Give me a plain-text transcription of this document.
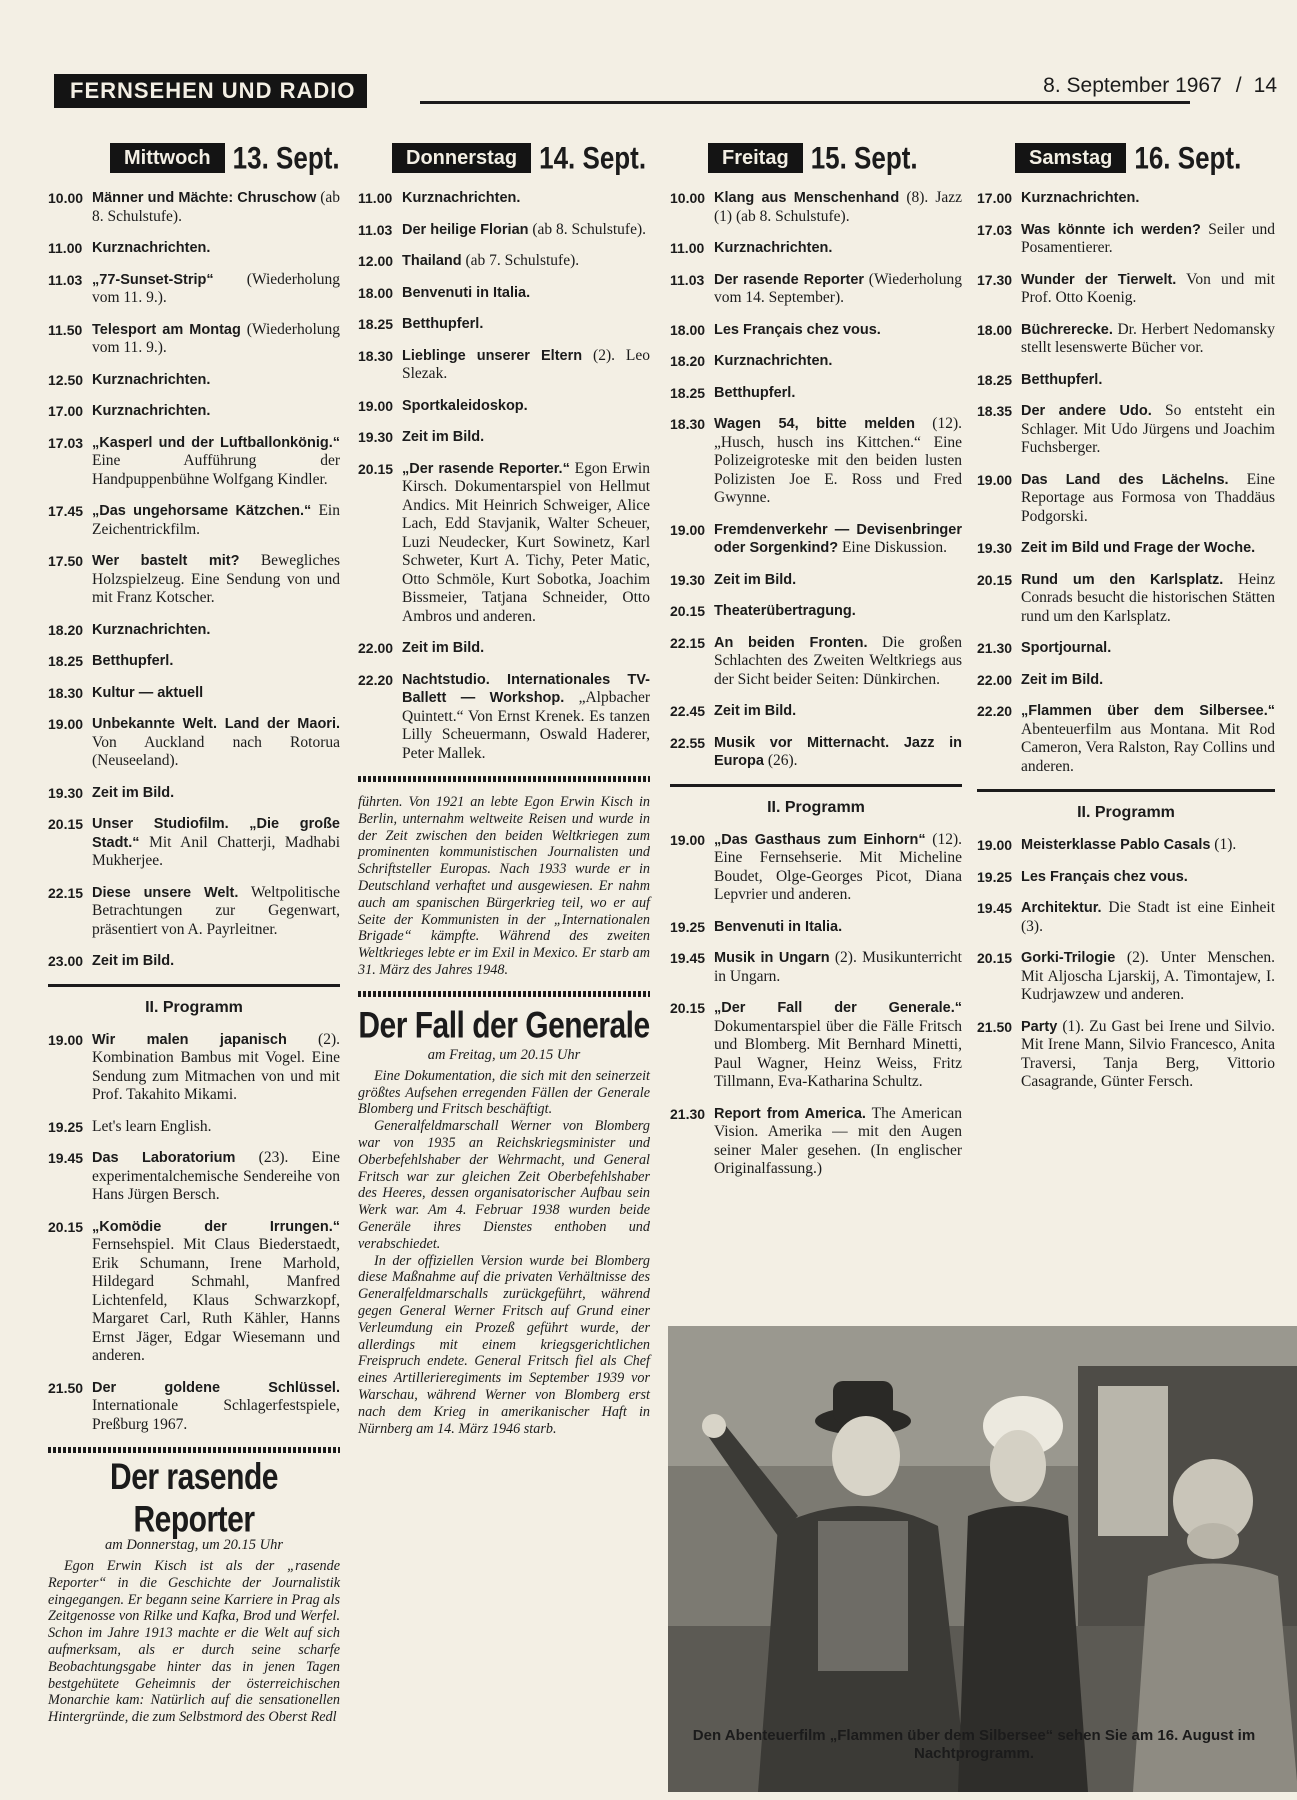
FERNSEHEN UND RADIO	8. September 1967 / 14
Mittwoch 13. Sept.
10.00 Männer und Mächte: Chruschow (ab 8. Schulstufe).
11.00 Kurznachrichten.
11.03 „77-Sunset-Strip“ (Wiederholung vom 11. 9.).
11.50 Telesport am Montag (Wiederholung vom 11. 9.).
12.50 Kurznachrichten.
17.00 Kurznachrichten.
17.03 „Kasperl und der Luftballonkönig.“ Eine Aufführung der Handpuppenbühne Wolfgang Kindler.
17.45 „Das ungehorsame Kätzchen.“ Ein Zeichentrickfilm.
17.50 Wer bastelt mit? Bewegliches Holzspielzeug. Eine Sendung von und mit Franz Kotscher.
18.20 Kurznachrichten.
18.25 Betthupferl.
18.30 Kultur — aktuell
19.00 Unbekannte Welt. Land der Maori. Von Auckland nach Rotorua (Neuseeland).
19.30 Zeit im Bild.
20.15 Unser Studiofilm. „Die große Stadt.“ Mit Anil Chatterji, Madhabi Mukherjee.
22.15 Diese unsere Welt. Weltpolitische Betrachtungen zur Gegenwart, präsentiert von A. Payrleitner.
23.00 Zeit im Bild.
II. Programm
19.00 Wir malen japanisch (2). Kombination Bambus mit Vogel. Eine Sendung zum Mitmachen von und mit Prof. Takahito Mikami.
19.25 Let's learn English.
19.45 Das Laboratorium (23). Eine experimentalchemische Sendereihe von Hans Jürgen Bersch.
20.15 „Komödie der Irrungen.“ Fernsehspiel. Mit Claus Biederstaedt, Erik Schumann, Irene Marhold, Hildegard Schmahl, Manfred Lichtenfeld, Klaus Schwarzkopf, Margaret Carl, Ruth Kähler, Hanns Ernst Jäger, Edgar Wiesemann und anderen.
21.50 Der goldene Schlüssel. Internationale Schlagerfestspiele, Preßburg 1967.
Der rasende Reporter
am Donnerstag, um 20.15 Uhr

Egon Erwin Kisch ist als der „rasende Reporter“ in die Geschichte der Journalistik eingegangen. Er begann seine Karriere in Prag als Zeitgenosse von Rilke und Kafka, Brod und Werfel. Schon im Jahre 1913 machte er die Welt auf sich aufmerksam, als er durch seine scharfe Beobachtungsgabe hinter das in jenen Tagen bestgehütete Geheimnis der österreichischen Monarchie kam: Natürlich auf die sensationellen Hintergründe, die zum Selbstmord des Oberst Redl

Donnerstag 14. Sept.
11.00 Kurznachrichten.
11.03 Der heilige Florian (ab 8. Schulstufe).
12.00 Thailand (ab 7. Schulstufe).
18.00 Benvenuti in Italia.
18.25 Betthupferl.
18.30 Lieblinge unserer Eltern (2). Leo Slezak.
19.00 Sportkaleidoskop.
19.30 Zeit im Bild.
20.15 „Der rasende Reporter.“ Egon Erwin Kirsch. Dokumentarspiel von Hellmut Andics. Mit Heinrich Schweiger, Alice Lach, Edd Stavjanik, Walter Scheuer, Luzi Neudecker, Kurt Sowinetz, Karl Schweter, Kurt A. Tichy, Peter Matic, Otto Schmöle, Kurt Sobotka, Joachim Bissmeier, Tatjana Schneider, Otto Ambros und anderen.
22.00 Zeit im Bild.
22.20 Nachtstudio. Internationales TV-Ballett — Workshop. „Alpbacher Quintett.“ Von Ernst Krenek. Es tanzen Lilly Scheuermann, Oswald Haderer, Peter Mallek.

führten. Von 1921 an lebte Egon Erwin Kisch in Berlin, unternahm weltweite Reisen und wurde in der Zeit zwischen den beiden Weltkriegen zum prominenten kommunistischen Journalisten und Schriftsteller Europas. Nach 1933 wurde er in Deutschland verhaftet und ausgewiesen. Er nahm auch am spanischen Bürgerkrieg teil, wo er auf Seite der Kommunisten in der „Internationalen Brigade“ kämpfte. Während des zweiten Weltkrieges lebte er im Exil in Mexico. Er starb am 31. März des Jahres 1948.

Der Fall der Generale
am Freitag, um 20.15 Uhr

Eine Dokumentation, die sich mit den seinerzeit größtes Aufsehen erregenden Fällen der Generale Blomberg und Fritsch beschäftigt.

Generalfeldmarschall Werner von Blomberg war von 1935 an Reichskriegsminister und Oberbefehlshaber der Wehrmacht, und General Fritsch war zur gleichen Zeit Oberbefehlshaber des Heeres, dessen organisatorischer Aufbau sein Werk war. Am 4. Februar 1938 wurden beide Generäle ihres Dienstes enthoben und verabschiedet.

In der offiziellen Version wurde bei Blomberg diese Maßnahme auf die privaten Verhältnisse des Generalfeldmarschalls zurückgeführt, während gegen General Werner Fritsch auf Grund einer Verleumdung ein Prozeß geführt wurde, der allerdings mit einem kriegsgerichtlichen Freispruch endete. General Fritsch fiel als Chef eines Artillerieregiments im September 1939 vor Warschau, während Werner von Blomberg erst nach dem Krieg in amerikanischer Haft in Nürnberg am 14. März 1946 starb.

Freitag 15. Sept.
10.00 Klang aus Menschenhand (8). Jazz (1) (ab 8. Schulstufe).
11.00 Kurznachrichten.
11.03 Der rasende Reporter (Wiederholung vom 14. September).
18.00 Les Français chez vous.
18.20 Kurznachrichten.
18.25 Betthupferl.
18.30 Wagen 54, bitte melden (12). „Husch, husch ins Kittchen.“ Eine Polizeigroteske mit den beiden lusten Polizisten Joe E. Ross und Fred Gwynne.
19.00 Fremdenverkehr — Devisenbringer oder Sorgenkind? Eine Diskussion.
19.30 Zeit im Bild.
20.15 Theaterübertragung.
22.15 An beiden Fronten. Die großen Schlachten des Zweiten Weltkriegs aus der Sicht beider Seiten: Dünkirchen.
22.45 Zeit im Bild.
22.55 Musik vor Mitternacht. Jazz in Europa (26).
II. Programm
19.00 „Das Gasthaus zum Einhorn“ (12). Eine Fernsehserie. Mit Micheline Boudet, Olge-Georges Picot, Diana Lepvrier und anderen.
19.25 Benvenuti in Italia.
19.45 Musik in Ungarn (2). Musikunterricht in Ungarn.
20.15 „Der Fall der Generale.“ Dokumentarspiel über die Fälle Fritsch und Blomberg. Mit Bernhard Minetti, Paul Wagner, Heinz Weiss, Fritz Tillmann, Eva-Katharina Schultz.
21.30 Report from America. The American Vision. Amerika — mit den Augen seiner Maler gesehen. (In englischer Originalfassung.)
Samstag 16. Sept.
17.00 Kurznachrichten.
17.03 Was könnte ich werden? Seiler und Posamentierer.
17.30 Wunder der Tierwelt. Von und mit Prof. Otto Koenig.
18.00 Büchrerecke. Dr. Herbert Nedomansky stellt lesenswerte Bücher vor.
18.25 Betthupferl.
18.35 Der andere Udo. So entsteht ein Schlager. Mit Udo Jürgens und Joachim Fuchsberger.
19.00 Das Land des Lächelns. Eine Reportage aus Formosa von Thaddäus Podgorski.
19.30 Zeit im Bild und Frage der Woche.
20.15 Rund um den Karlsplatz. Heinz Conrads besucht die historischen Stätten rund um den Karlsplatz.
21.30 Sportjournal.
22.00 Zeit im Bild.
22.20 „Flammen über dem Silbersee.“ Abenteuerfilm aus Montana. Mit Rod Cameron, Vera Ralston, Ray Collins und anderen.
II. Programm
19.00 Meisterklasse Pablo Casals (1).
19.25 Les Français chez vous.
19.45 Architektur. Die Stadt ist eine Einheit (3).
20.15 Gorki-Trilogie (2). Unter Menschen. Mit Aljoscha Ljarskij, A. Timontajew, I. Kudrjawzew und anderen.
21.50 Party (1). Zu Gast bei Irene und Silvio. Mit Irene Mann, Silvio Francesco, Anita Traversi, Tanja Berg, Vittorio Casagrande, Günter Fersch.
Den Abenteuerfilm „Flammen über dem Silbersee“ sehen Sie am 16. August im Nachtprogramm.
